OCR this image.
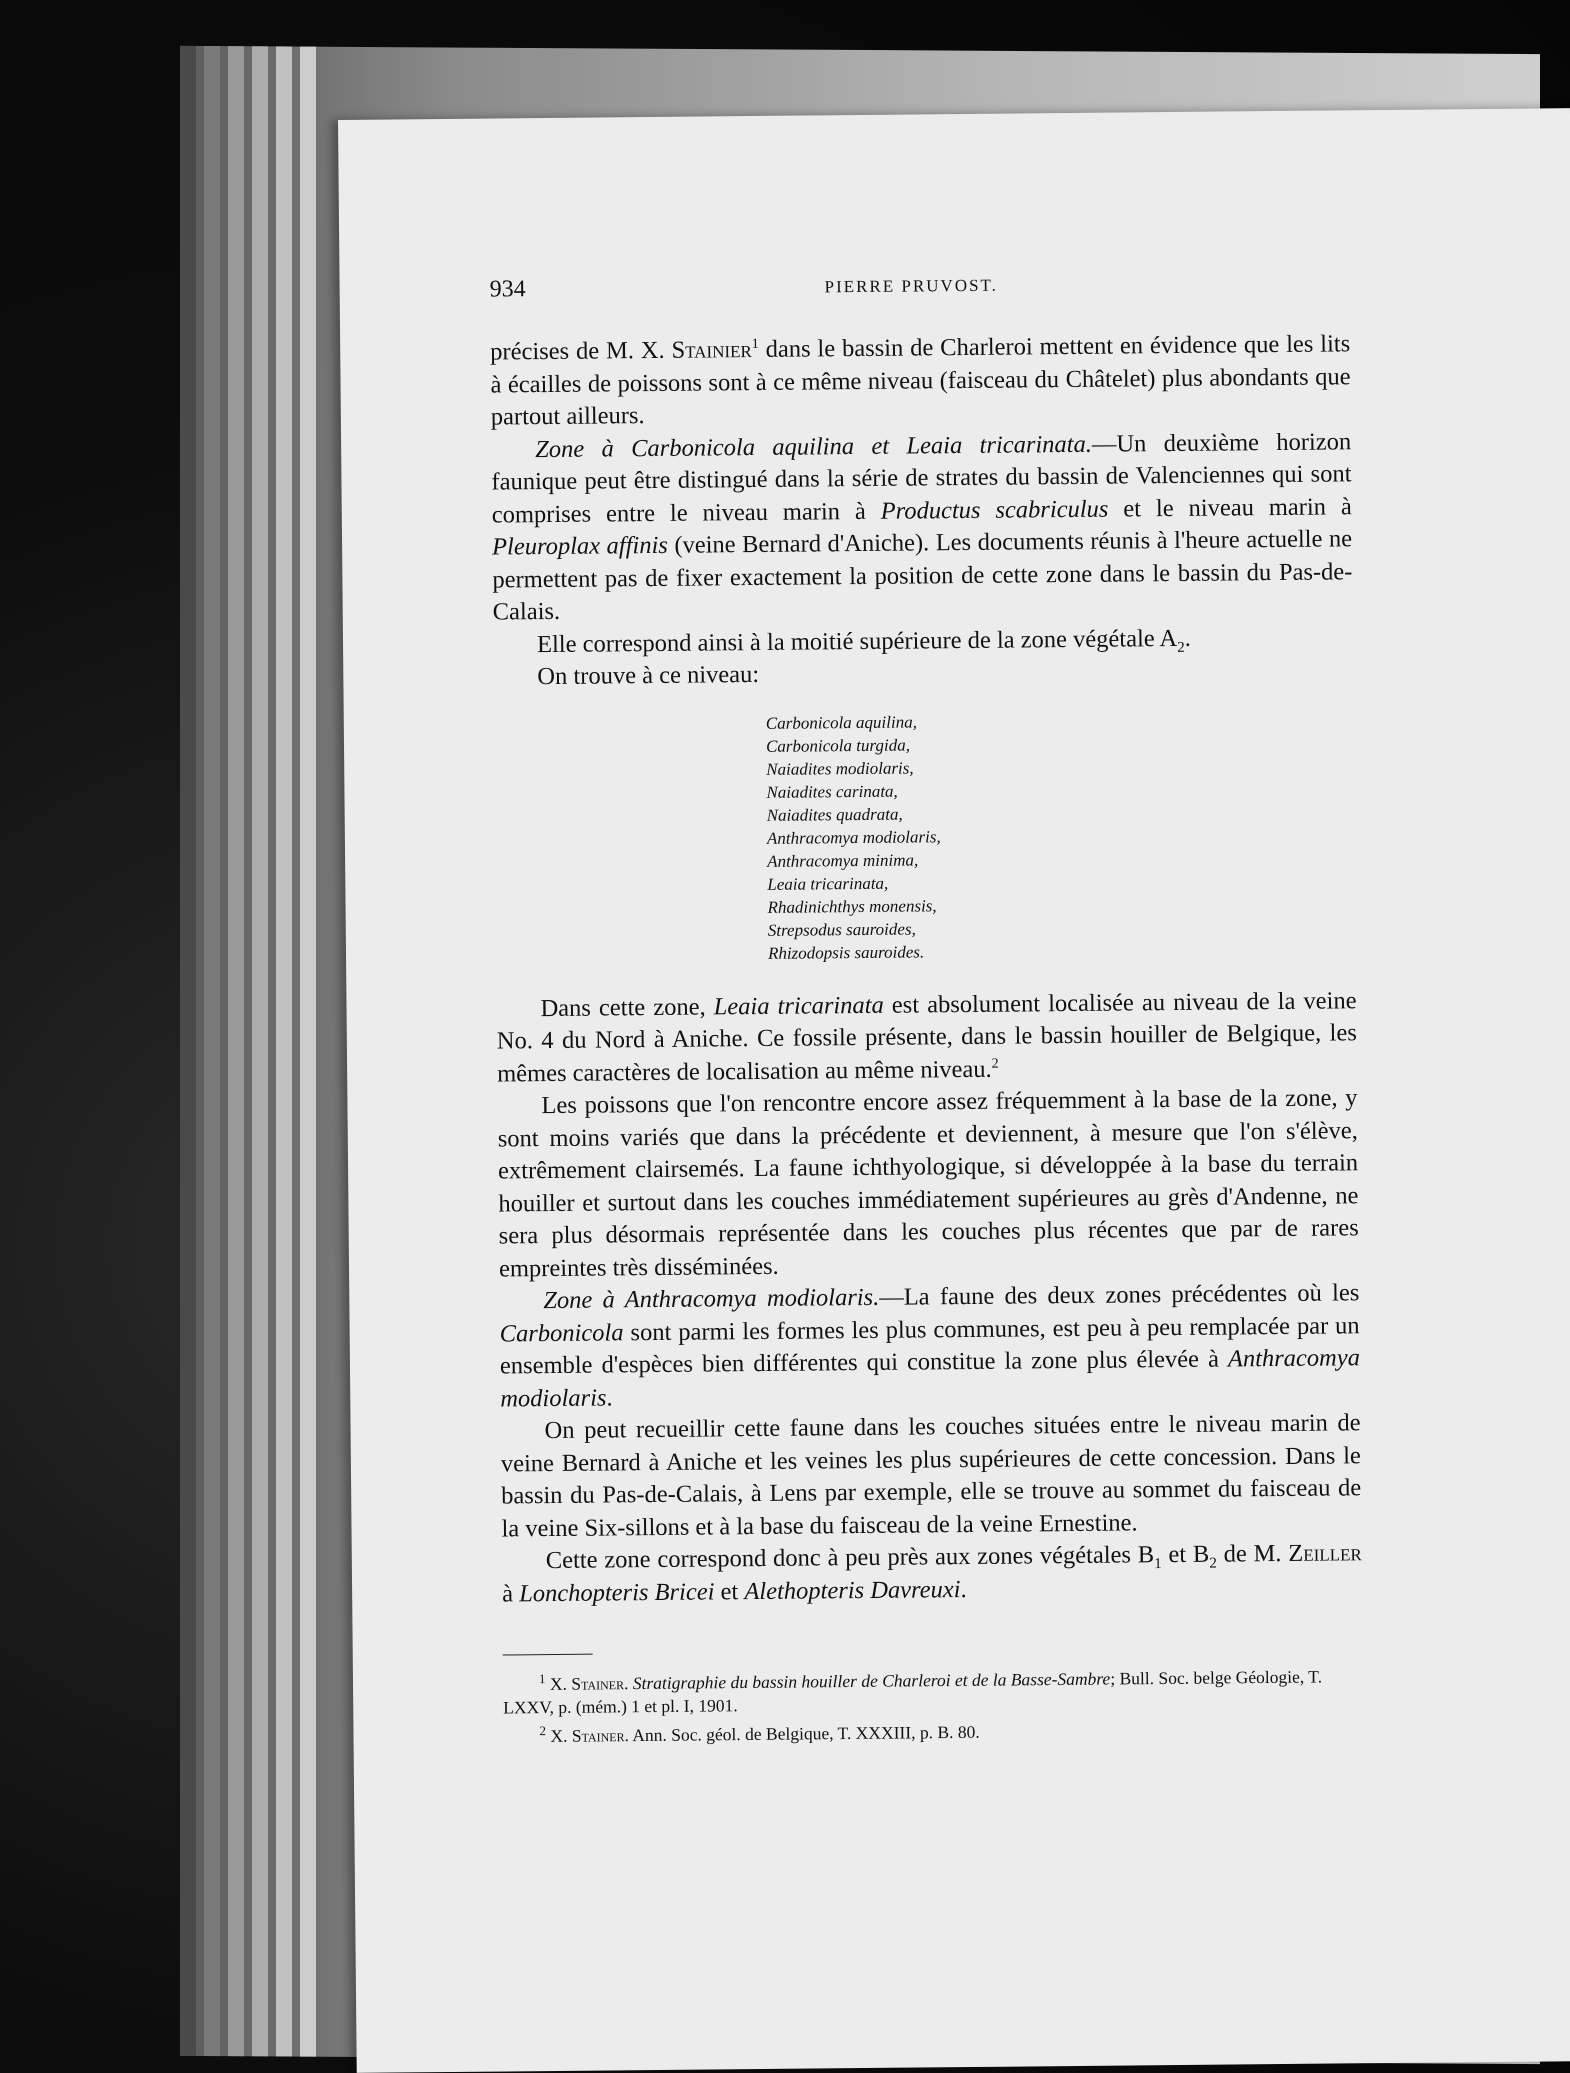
934	PIERRE PRUVOST.

précises de M. X. Stainier$^1$ dans le bassin de Charleroi mettent en évidence que les lits à écailles de poissons sont à ce même niveau (faisceau du Châtelet) plus abondants que partout ailleurs.

Zone à Carbonicola aquilina et Leaia tricarinata.—Un deuxième horizon faunique peut être distingué dans la série de strates du bassin de Valenciennes qui sont comprises entre le niveau marin à Productus scabriculus et le niveau marin à Pleuroplax affinis (veine Bernard d'Aniche). Les documents réunis à l'heure actuelle ne permettent pas de fixer exactement la position de cette zone dans le bassin du Pas-de-Calais.

Elle correspond ainsi à la moitié supérieure de la zone végétale $A_2$.

On trouve à ce niveau:

Carbonicola aquilina,
Carbonicola turgida,
Naiadites modiolaris,
Naiadites carinata,
Naiadites quadrata,
Anthracomya modiolaris,
Anthracomya minima,
Leaia tricarinata,
Rhadinichthys monensis,
Strepsodus sauroides,
Rhizodopsis sauroides.

Dans cette zone, Leaia tricarinata est absolument localisée au niveau de la veine No. 4 du Nord à Aniche. Ce fossile présente, dans le bassin houiller de Belgique, les mêmes caractères de localisation au même niveau.$^2$

Les poissons que l'on rencontre encore assez fréquemment à la base de la zone, y sont moins variés que dans la précédente et deviennent, à mesure que l'on s'élève, extrêmement clairsemés. La faune ichthyologique, si développée à la base du terrain houiller et surtout dans les couches immédiatement supérieures au grès d'Andenne, ne sera plus désormais représentée dans les couches plus récentes que par de rares empreintes très disséminées.

Zone à Anthracomya modiolaris.—La faune des deux zones précédentes où les Carbonicola sont parmi les formes les plus communes, est peu à peu remplacée par un ensemble d'espèces bien différentes qui constitue la zone plus élevée à Anthracomya modiolaris.

On peut recueillir cette faune dans les couches situées entre le niveau marin de veine Bernard à Aniche et les veines les plus supérieures de cette concession. Dans le bassin du Pas-de-Calais, à Lens par exemple, elle se trouve au sommet du faisceau de la veine Six-sillons et à la base du faisceau de la veine Ernestine.

Cette zone correspond donc à peu près aux zones végétales $B_1$ et $B_2$ de M. Zeiller à Lonchopteris Bricei et Alethopteris Davreuxi.

$^1$ X. Stainer. Stratigraphie du bassin houiller de Charleroi et de la Basse-Sambre; Bull. Soc. belge Géologie, T. LXXV, p. (mém.) 1 et pl. I, 1901.

$^2$ X. Stainer. Ann. Soc. géol. de Belgique, T. XXXIII, p. B. 80.
